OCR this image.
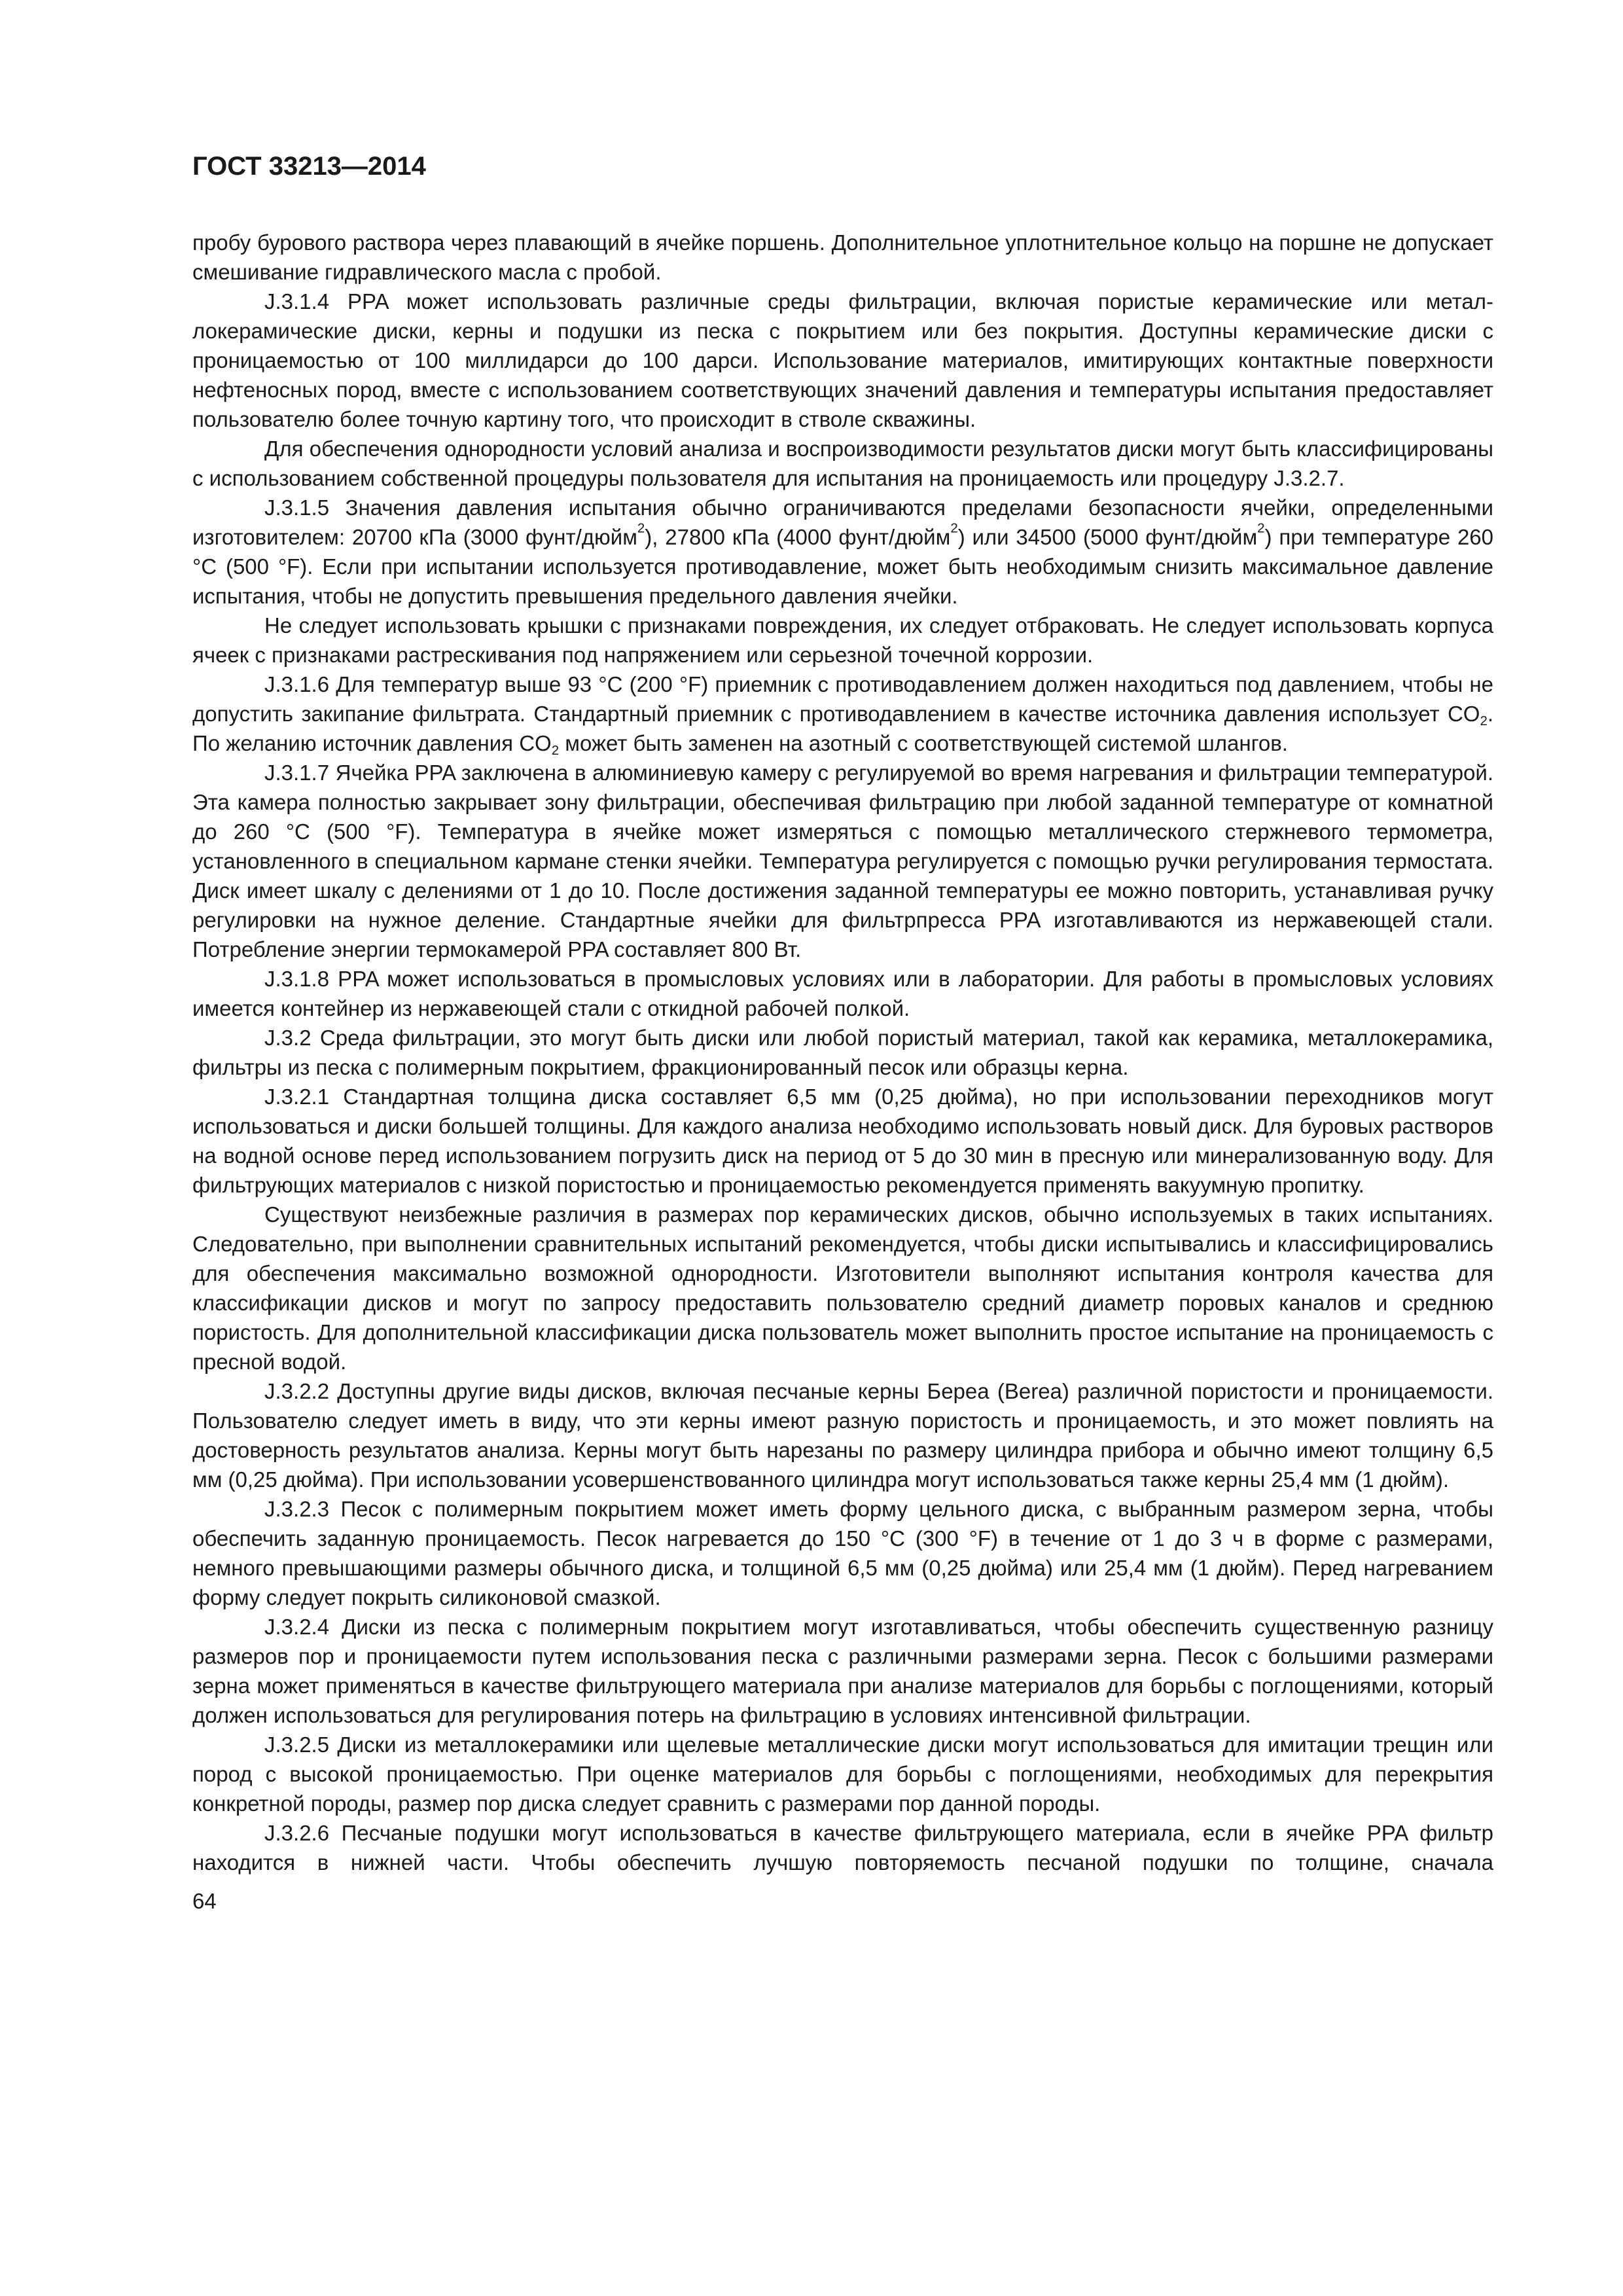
ГОСТ 33213—2014

пробу бурового раствора через плавающий в ячейке поршень. Дополнительное уплотнительное кольцо на поршне не допускает смешивание гидравлического масла с пробой.

J.3.1.4 PPA может использовать различные среды фильтрации, включая пористые керамические или металлокерамические диски, керны и подушки из песка с покрытием или без покрытия. Доступны керамические диски с проницаемостью от 100 миллидарси до 100 дарси. Использование материалов, имитирующих контактные поверхности нефтеносных пород, вместе с использованием соответствующих значений давления и температуры испытания предоставляет пользователю более точную картину того, что происходит в стволе скважины.

Для обеспечения однородности условий анализа и воспроизводимости результатов диски могут быть классифицированы с использованием собственной процедуры пользователя для испытания на проницаемость или процедуру J.3.2.7.

J.3.1.5 Значения давления испытания обычно ограничиваются пределами безопасности ячейки, определенными изготовителем: 20700 кПа (3000 фунт/дюйм$^2$), 27800 кПа (4000 фунт/дюйм$^2$) или 34500 (5000 фунт/дюйм$^2$) при температуре 260 °C (500 °F). Если при испытании используется противодавление, может быть необходимым снизить максимальное давление испытания, чтобы не допустить превышения предельного давления ячейки.

Не следует использовать крышки с признаками повреждения, их следует отбраковать. Не следует использовать корпуса ячеек с признаками растрескивания под напряжением или серьезной точечной коррозии.

J.3.1.6 Для температур выше 93 °C (200 °F) приемник с противодавлением должен находиться под давлением, чтобы не допустить закипание фильтрата. Стандартный приемник с противодавлением в качестве источника давления использует $CO_2$. По желанию источник давления $CO_2$ может быть заменен на азотный с соответствующей системой шлангов.

J.3.1.7 Ячейка PPA заключена в алюминиевую камеру с регулируемой во время нагревания и фильтрации температурой. Эта камера полностью закрывает зону фильтрации, обеспечивая фильтрацию при любой заданной температуре от комнатной до 260 °C (500 °F). Температура в ячейке может измеряться с помощью металлического стержневого термометра, установленного в специальном кармане стенки ячейки. Температура регулируется с помощью ручки регулирования термостата. Диск имеет шкалу с делениями от 1 до 10. После достижения заданной температуры ее можно повторить, устанавливая ручку регулировки на нужное деление. Стандартные ячейки для фильтрпресса PPA изготавливаются из нержавеющей стали. Потребление энергии термокамерой PPA составляет 800 Вт.

J.3.1.8 PPA может использоваться в промысловых условиях или в лаборатории. Для работы в промысловых условиях имеется контейнер из нержавеющей стали с откидной рабочей полкой.

J.3.2 Среда фильтрации, это могут быть диски или любой пористый материал, такой как керамика, металлокерамика, фильтры из песка с полимерным покрытием, фракционированный песок или образцы керна.

J.3.2.1 Стандартная толщина диска составляет 6,5 мм (0,25 дюйма), но при использовании переходников могут использоваться и диски большей толщины. Для каждого анализа необходимо использовать новый диск. Для буровых растворов на водной основе перед использованием погрузить диск на период от 5 до 30 мин в пресную или минерализованную воду. Для фильтрующих материалов с низкой пористостью и проницаемостью рекомендуется применять вакуумную пропитку.

Существуют неизбежные различия в размерах пор керамических дисков, обычно используемых в таких испытаниях. Следовательно, при выполнении сравнительных испытаний рекомендуется, чтобы диски испытывались и классифицировались для обеспечения максимально возможной однородности. Изготовители выполняют испытания контроля качества для классификации дисков и могут по запросу предоставить пользователю средний диаметр поровых каналов и среднюю пористость. Для дополнительной классификации диска пользователь может выполнить простое испытание на проницаемость с пресной водой.

J.3.2.2 Доступны другие виды дисков, включая песчаные керны Береа (Berea) различной пористости и проницаемости. Пользователю следует иметь в виду, что эти керны имеют разную пористость и проницаемость, и это может повлиять на достоверность результатов анализа. Керны могут быть нарезаны по размеру цилиндра прибора и обычно имеют толщину 6,5 мм (0,25 дюйма). При использовании усовершенствованного цилиндра могут использоваться также керны 25,4 мм (1 дюйм).

J.3.2.3 Песок с полимерным покрытием может иметь форму цельного диска, с выбранным размером зерна, чтобы обеспечить заданную проницаемость. Песок нагревается до 150 °C (300 °F) в течение от 1 до 3 ч в форме с размерами, немного превышающими размеры обычного диска, и толщиной 6,5 мм (0,25 дюйма) или 25,4 мм (1 дюйм). Перед нагреванием форму следует покрыть силиконовой смазкой.

J.3.2.4 Диски из песка с полимерным покрытием могут изготавливаться, чтобы обеспечить существенную разницу размеров пор и проницаемости путем использования песка с различными размерами зерна. Песок с большими размерами зерна может применяться в качестве фильтрующего материала при анализе материалов для борьбы с поглощениями, который должен использоваться для регулирования потерь на фильтрацию в условиях интенсивной фильтрации.

J.3.2.5 Диски из металлокерамики или щелевые металлические диски могут использоваться для имитации трещин или пород с высокой проницаемостью. При оценке материалов для борьбы с поглощениями, необходимых для перекрытия конкретной породы, размер пор диска следует сравнить с размерами пор данной породы.

J.3.2.6 Песчаные подушки могут использоваться в качестве фильтрующего материала, если в ячейке PPA фильтр находится в нижней части. Чтобы обеспечить лучшую повторяемость песчаной подушки по толщине, сначала

64
